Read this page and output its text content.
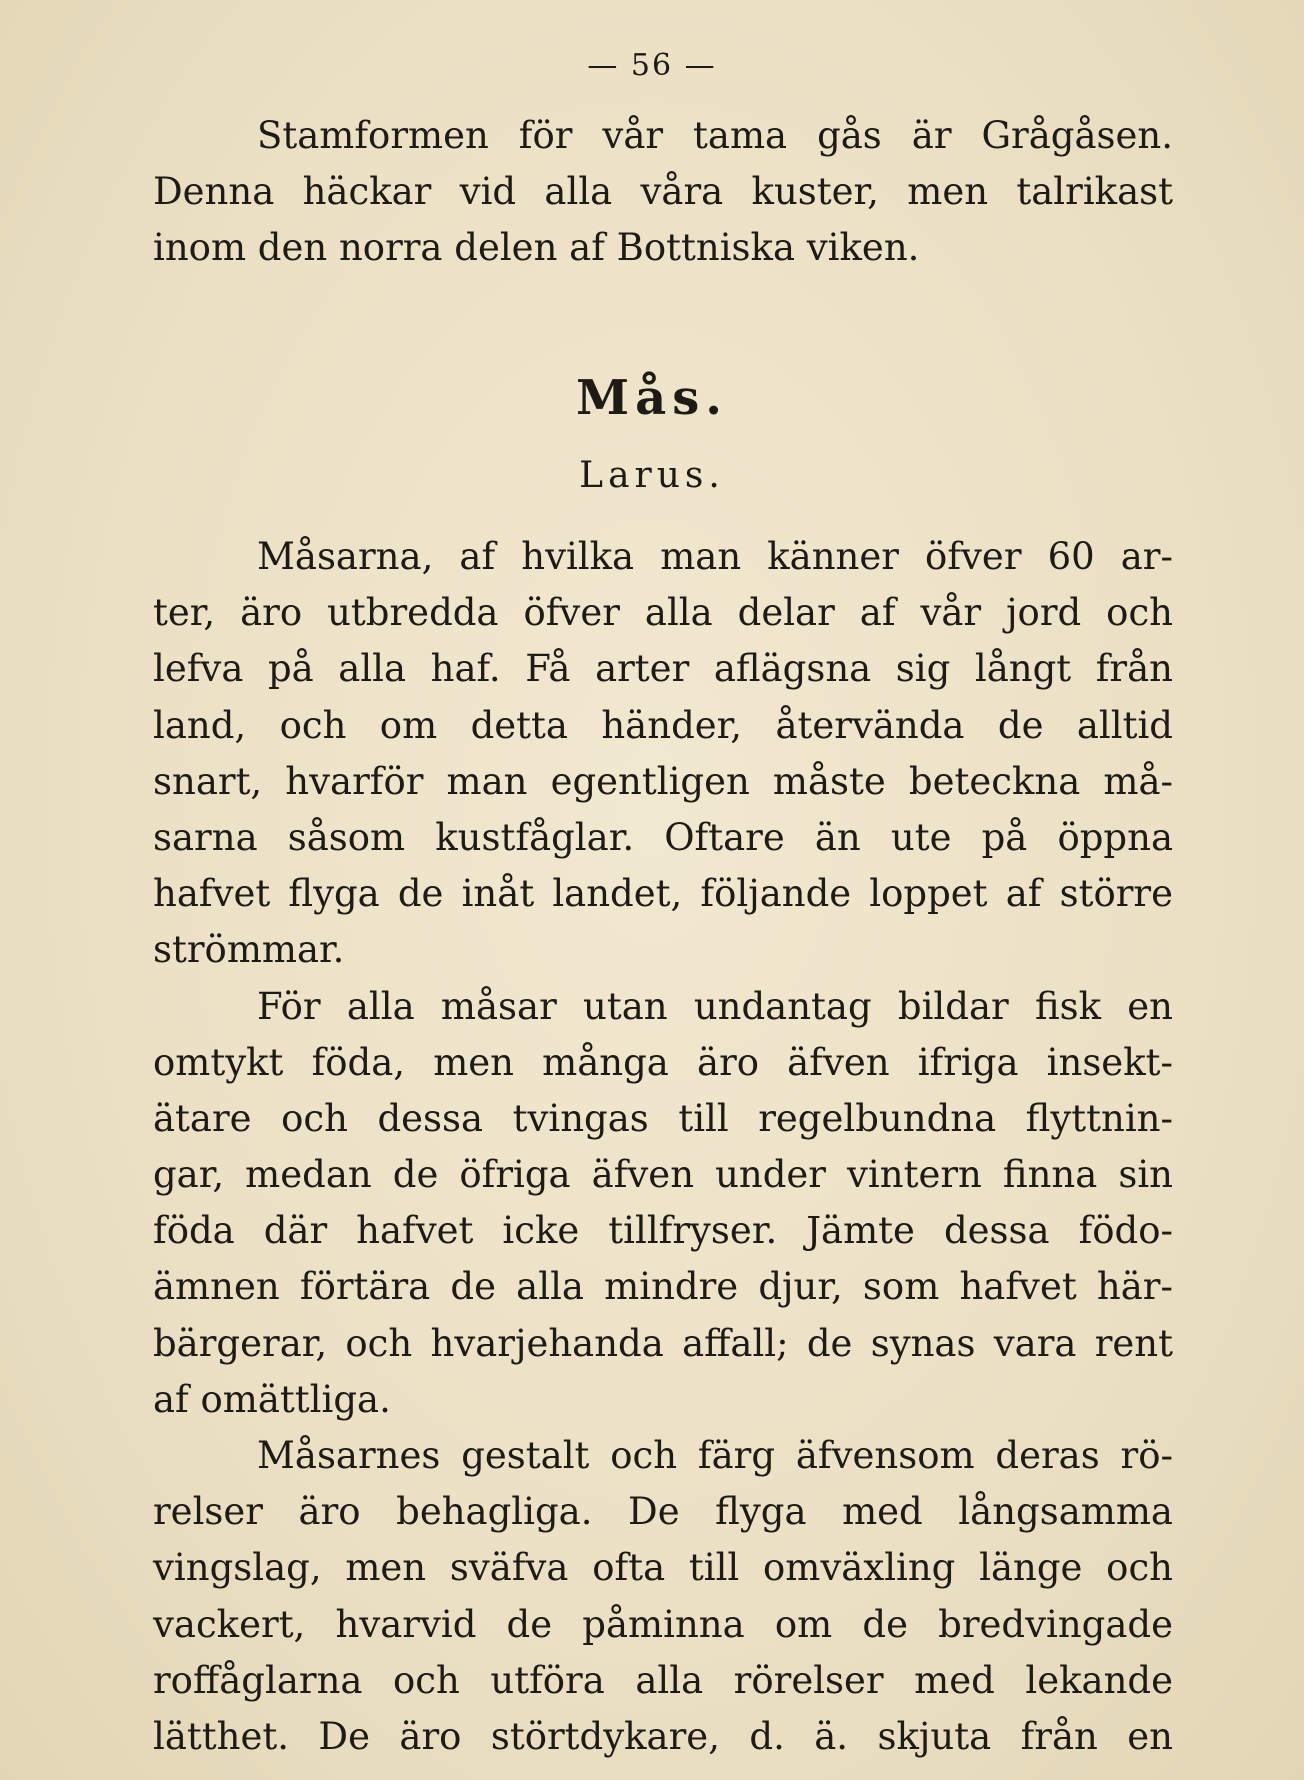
— 56 —
Stamformen för vår tama gås är Grågåsen.
Denna häckar vid alla våra kuster, men talrikast
inom den norra delen af Bottniska viken.
Mås.
Larus.
Måsarna, af hvilka man känner öfver 60 ar-
ter, äro utbredda öfver alla delar af vår jord och
lefva på alla haf. Få arter aflägsna sig långt från
land, och om detta händer, återvända de alltid
snart, hvarför man egentligen måste beteckna må-
sarna såsom kustfåglar. Oftare än ute på öppna
hafvet flyga de inåt landet, följande loppet af större
strömmar.
För alla måsar utan undantag bildar fisk en
omtykt föda, men många äro äfven ifriga insekt-
ätare och dessa tvingas till regelbundna flyttnin-
gar, medan de öfriga äfven under vintern finna sin
föda där hafvet icke tillfryser. Jämte dessa födo-
ämnen förtära de alla mindre djur, som hafvet här-
bärgerar, och hvarjehanda affall; de synas vara rent
af omättliga.
Måsarnes gestalt och färg äfvensom deras rö-
relser äro behagliga. De flyga med långsamma
vingslag, men sväfva ofta till omväxling länge och
vackert, hvarvid de påminna om de bredvingade
roffåglarna och utföra alla rörelser med lekande
lätthet. De äro störtdykare, d. ä. skjuta från en
